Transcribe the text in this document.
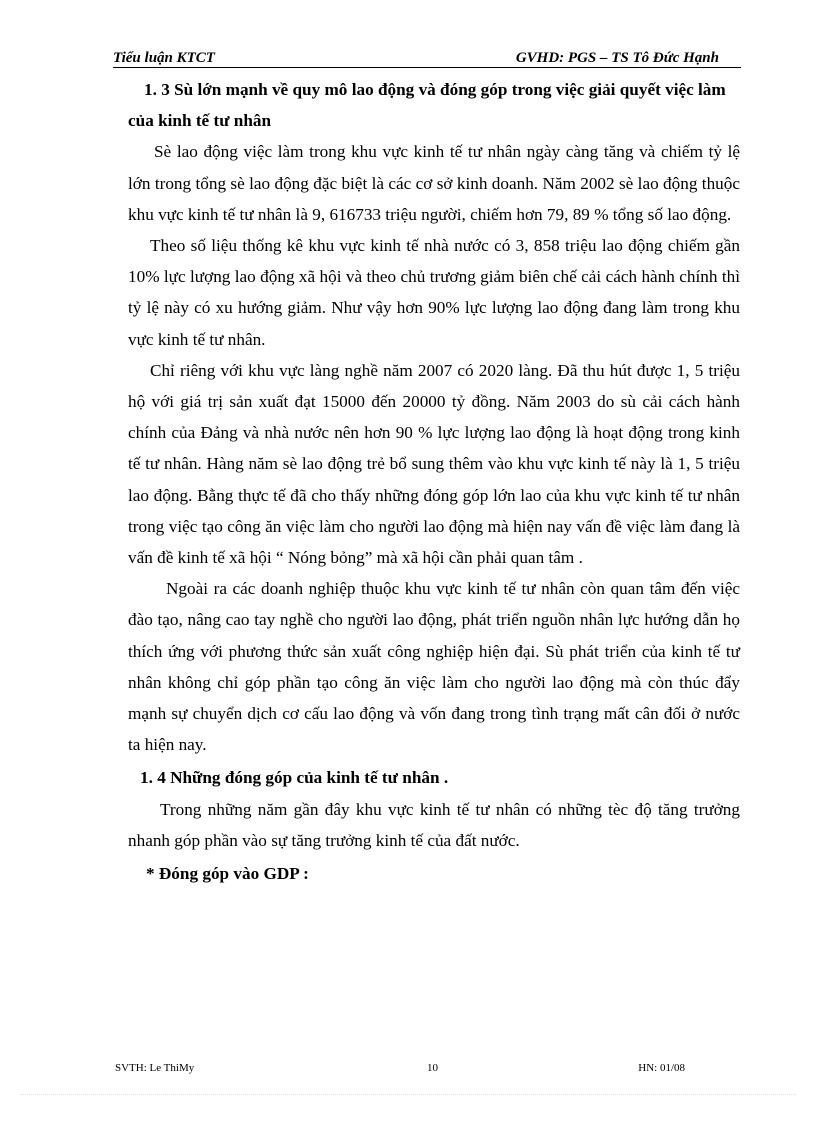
Tiểu luận KTCT	GVHD: PGS – TS Tô Đức Hạnh

1. 3 Sù lớn mạnh về quy mô lao động và đóng góp trong việc giải quyết việc làm của kinh tế tư nhân

Sè lao động việc làm trong khu vực kinh tế tư nhân ngày càng tăng và chiếm tỷ lệ lớn trong tổng sè lao động đặc biệt là các cơ sở kinh doanh. Năm 2002 sè lao động thuộc khu vực kinh tế tư nhân là 9, 616733 triệu người, chiếm hơn 79, 89 % tổng số lao động.

Theo số liệu thống kê khu vực kinh tế nhà nước có 3, 858 triệu lao động chiếm gần 10% lực lượng lao động xã hội và theo chủ trương giảm biên chế cải cách hành chính thì tỷ lệ này có xu hướng giảm. Như vậy hơn 90% lực lượng lao động đang làm trong khu vực kinh tế tư nhân.

Chỉ riêng với khu vực làng nghề năm 2007 có 2020 làng. Đã thu hút được 1, 5 triệu hộ với giá trị sản xuất đạt 15000 đến 20000 tỷ đồng. Năm 2003 do sù cải cách hành chính của Đảng và nhà nước nên hơn 90 % lực lượng lao động là hoạt động trong kinh tế tư nhân. Hàng năm sè lao động trẻ bổ sung thêm vào khu vực kinh tế này là 1, 5 triệu lao động. Bằng thực tế đã cho thấy những đóng góp lớn lao của khu vực kinh tế tư nhân trong việc tạo công ăn việc làm cho người lao động mà hiện nay vấn đề việc làm đang là vấn đề kinh tế xã hội “ Nóng bỏng” mà xã hội cần phải quan tâm .

Ngoài ra các doanh nghiệp thuộc khu vực kinh tế tư nhân còn quan tâm đến việc đào tạo, nâng cao tay nghề cho người lao động, phát triển nguồn nhân lực hướng dẫn họ thích ứng với phương thức sản xuất công nghiệp hiện đại. Sù phát triển của kinh tế tư nhân không chỉ góp phần tạo công ăn việc làm cho người lao động mà còn thúc đẩy mạnh sự chuyển dịch cơ cấu lao động và vốn đang trong tình trạng mất cân đối ở nước ta hiện nay.

1. 4 Những đóng góp của kinh tế tư nhân .

Trong những năm gần đây khu vực kinh tế tư nhân có những tèc độ tăng trưởng nhanh góp phần vào sự tăng trưởng kinh tế của đất nước.

* Đóng góp vào GDP :

SVTH: Le ThiMy	10	HN: 01/08
